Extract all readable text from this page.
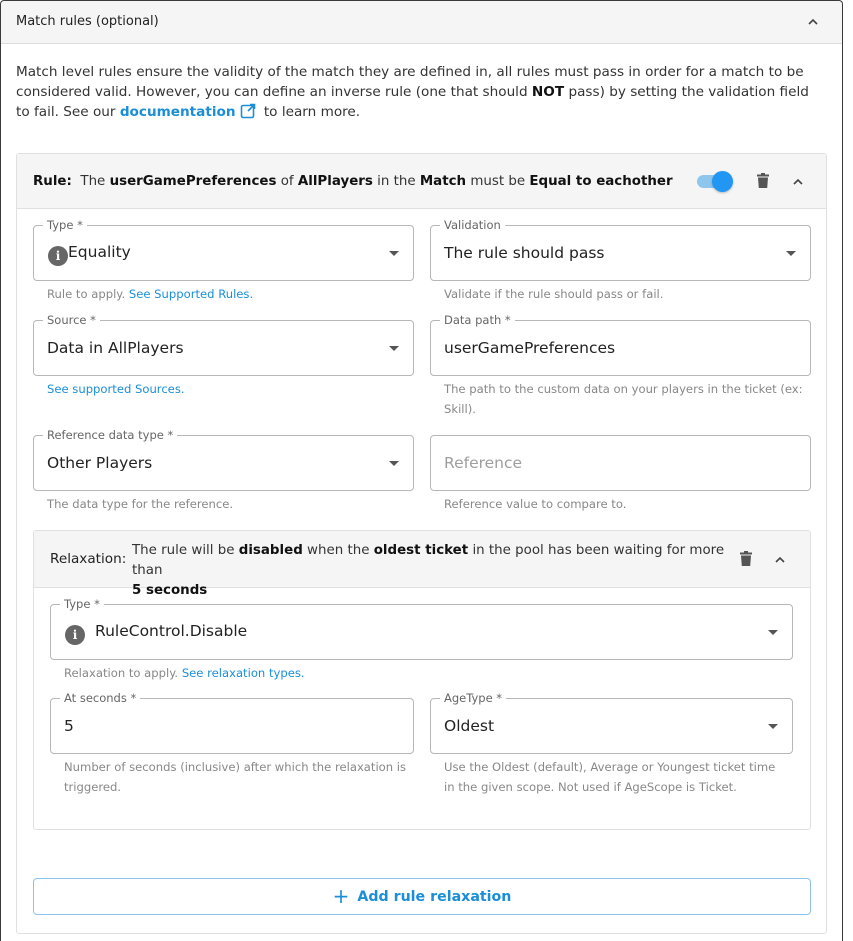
Match rules (optional)
Match level rules ensure the validity of the match they are defined in, all rules must pass in order for a match to be considered valid. However, you can define an inverse rule (one that should NOT pass) by setting the validation field to fail. See our documentation to learn more.
Rule: The userGamePreferences of AllPlayers in the Match must be Equal to eachother
Type *
i Equality
Rule to apply. See Supported Rules.
Validation
The rule should pass
Validate if the rule should pass or fail.
Source *
Data in AllPlayers
See supported Sources.
Data path *
userGamePreferences
The path to the custom data on your players in the ticket (ex: Skill).
Reference data type *
Other Players
The data type for the reference.
Reference
Reference value to compare to.
Relaxation:
The rule will be disabled when the oldest ticket in the pool has been waiting for more than
5 seconds
Type *
i RuleControl.Disable
Relaxation to apply. See relaxation types.
At seconds *
5
Number of seconds (inclusive) after which the relaxation is triggered.
AgeType *
Oldest
Use the Oldest (default), Average or Youngest ticket time in the given scope. Not used if AgeScope is Ticket.
+ Add rule relaxation
